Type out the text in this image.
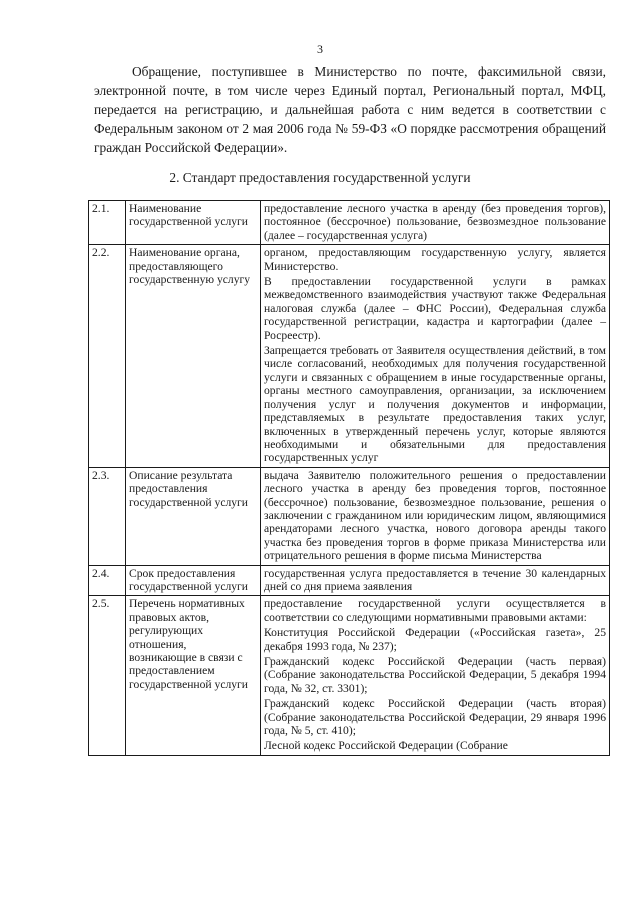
3

Обращение, поступившее в Министерство по почте, факсимильной связи, электронной почте, в том числе через Единый портал, Региональный портал, МФЦ, передается на регистрацию, и дальнейшая работа с ним ведется в соответствии с Федеральным законом от 2 мая 2006 года № 59-ФЗ «О порядке рассмотрения обращений граждан Российской Федерации».

2. Стандарт предоставления государственной услуги
2.1.	Наименование государственной услуги	предоставление лесного участка в аренду (без проведения торгов), постоянное (бессрочное) пользование, безвозмездное пользование (далее – государственная услуга)

2.2.	Наименование органа, предоставляющего государственную услугу	органом, предоставляющим государственную услугу, является Министерство.

В предоставлении государственной услуги в рамках межведомственного взаимодействия участвуют также Федеральная налоговая служба (далее – ФНС России), Федеральная служба государственной регистрации, кадастра и картографии (далее – Росреестр).

Запрещается требовать от Заявителя осуществления действий, в том числе согласований, необходимых для получения государственной услуги и связанных с обращением в иные государственные органы, органы местного самоуправления, организации, за исключением получения услуг и получения документов и информации, представляемых в результате предоставления таких услуг, включенных в утвержденный перечень услуг, которые являются необходимыми и обязательными для предоставления государственных услуг

2.3.	Описание результата предоставления государственной услуги	выдача Заявителю положительного решения о предоставлении лесного участка в аренду без проведения торгов, постоянное (бессрочное) пользование, безвозмездное пользование, решения о заключении с гражданином или юридическим лицом, являющимися арендаторами лесного участка, нового договора аренды такого участка без проведения торгов в форме приказа Министерства или отрицательного решения в форме письма Министерства

2.4.	Срок предоставления государственной услуги	государственная услуга предоставляется в течение 30 календарных дней со дня приема заявления

2.5.	Перечень нормативных правовых актов, регулирующих отношения, возникающие в связи с предоставлением государственной услуги	предоставление государственной услуги осуществляется в соответствии со следующими нормативными правовыми актами:

Конституция Российской Федерации («Российская газета», 25 декабря 1993 года, № 237);

Гражданский кодекс Российской Федерации (часть первая) (Собрание законодательства Российской Федерации, 5 декабря 1994 года, № 32, ст. 3301);

Гражданский кодекс Российской Федерации (часть вторая) (Собрание законодательства Российской Федерации, 29 января 1996 года, № 5, ст. 410);

Лесной кодекс Российской Федерации (Собрание
